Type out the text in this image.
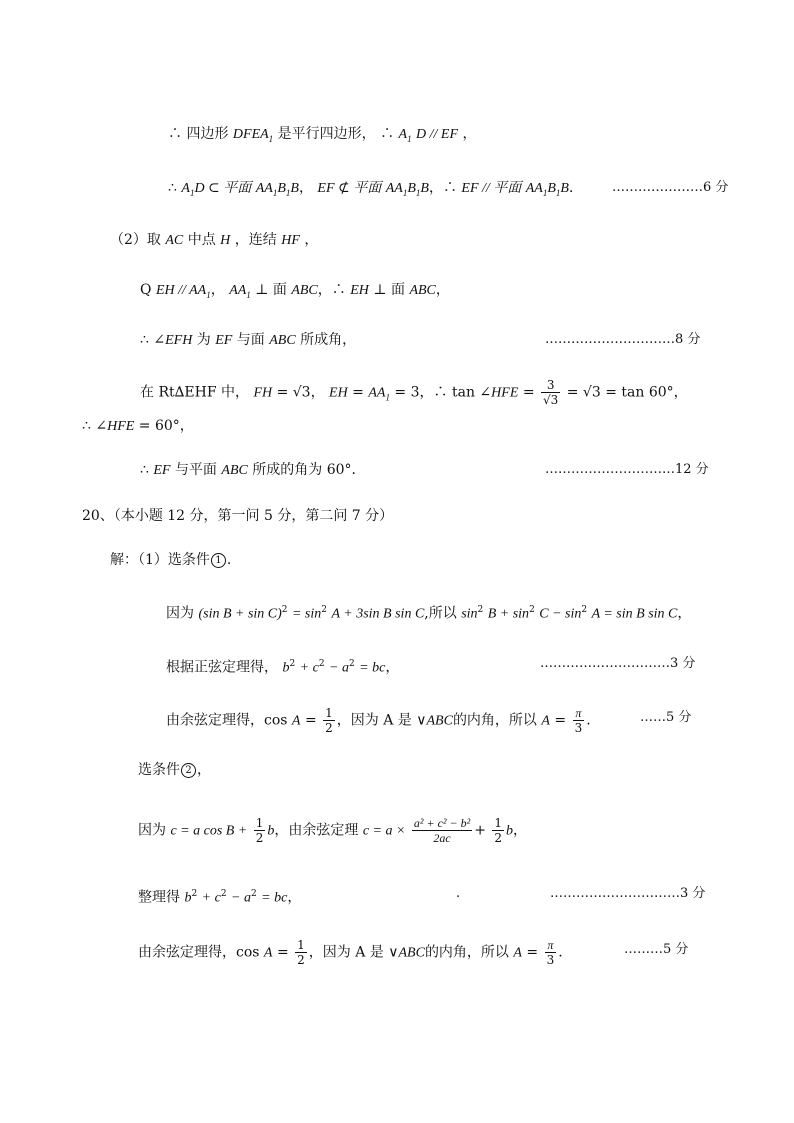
∴ 四边形 $DFEA_1$ 是平行四边形， ∴ $A_1$ D // EF ，
∴ $A_1D$ ⊂ 平面 $AA_1B_1B$， EF ⊄ 平面 $AA_1B_1B$，∴ EF // 平面 $AA_1B_1B$． …………………6 分
（2）取 AC 中点 H ，连结 HF ，
Q EH // $AA_1$， $AA_1$ ⊥ 面 ABC，∴ EH ⊥ 面 ABC，
∴ ∠EFH 为 EF 与面 ABC 所成角，	…………………………8 分
在 Rt∆EHF 中， FH = √3， EH = $AA_1 = 3$，∴ tan ∠HFE = $\frac{3}{√3} = √3 = \tan 60^\circ$，
∴ ∠HFE = 60°，
∴ EF 与平面 ABC 所成的角为 60°．	…………………………12 分
20、（本小题 12 分，第一问 5 分，第二问 7 分）
解：（1）选条件 1 .
因为 (sin $B + \sin C)^2 = \sin^2 A + 3\sin$ B sin C,所以 $\sin^2 B + \sin^2 C - \sin^2 A = \sin B$ sin C，
根据正弦定理得， $b^2 + c^2 - a^2$ = bc，	…………………………3 分
由余弦定理得，$\cos A = \frac{1}{2}$ ，因为 A 是 ∨ABC的内角，所以 $A = \frac{\pi}{3}$ .	……5 分
选条件 2 ，
因为 c = a $\cos B + \frac{1}{2}$ b，由余弦定理 $c = a \times \frac{\text{a² + c² − b²}}{2ac} + \frac{1}{2}$ b，
整理得 $b^2 + c^2 - a^2$ = bc，	.	…………………………3 分
由余弦定理得，$\cos A = \frac{1}{2}$ ，因为 A 是 ∨ABC的内角，所以 $A = \frac{\pi}{3}$ .	………5 分
